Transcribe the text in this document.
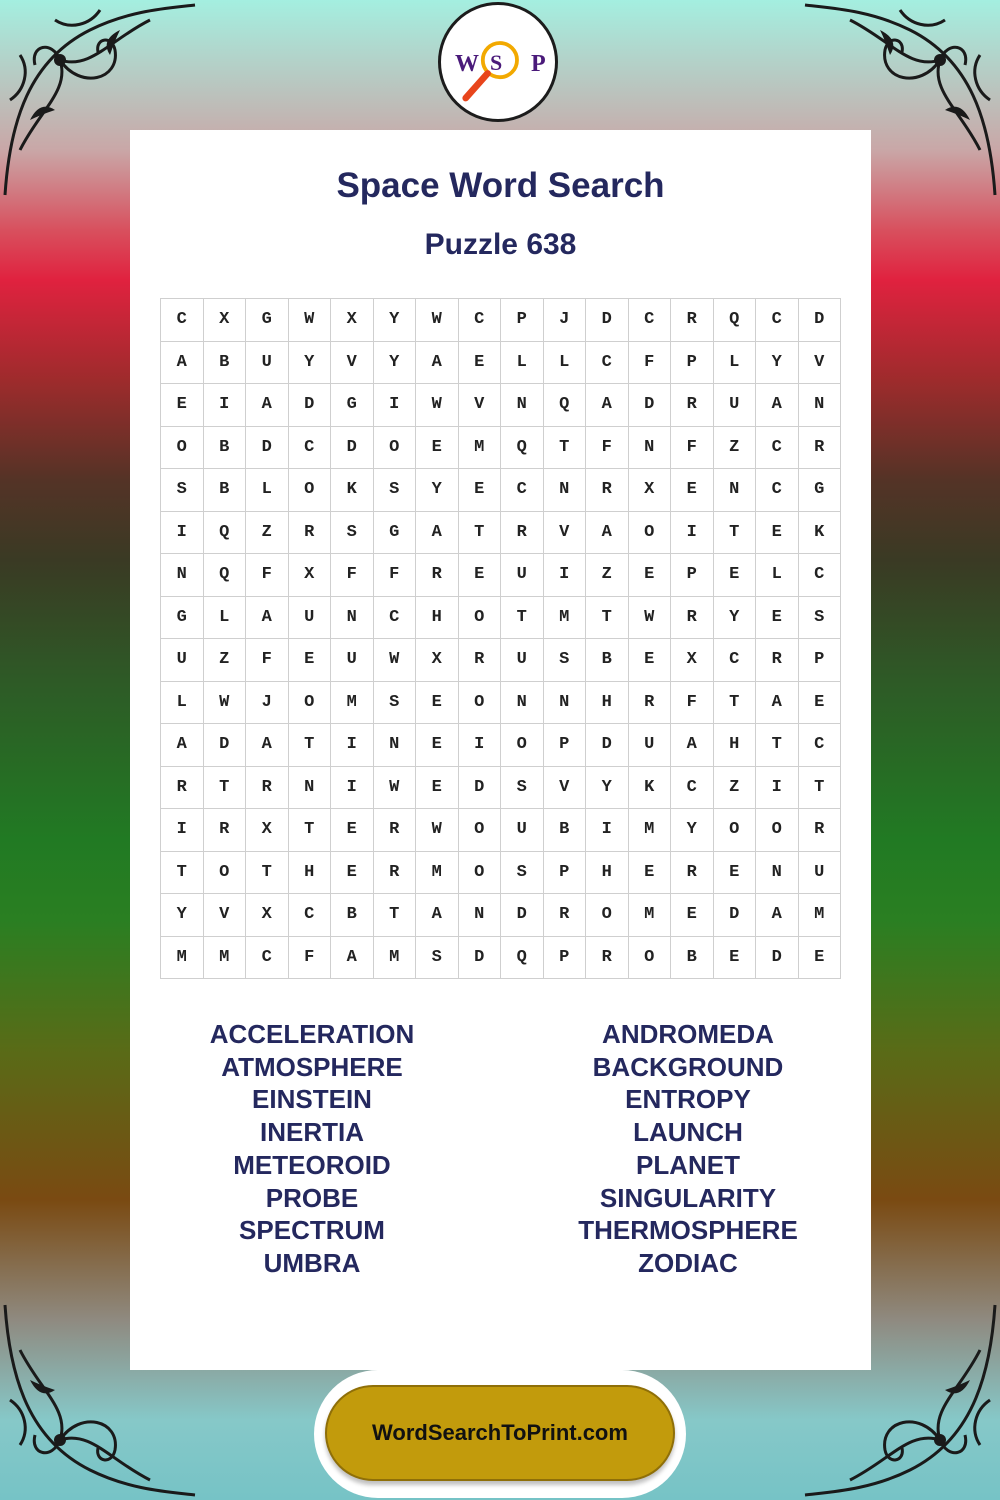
Space Word Search
Puzzle 638
C	X	G	W	X	Y	W	C	P	J	D	C	R	Q	C	D
A	B	U	Y	V	Y	A	E	L	L	C	F	P	L	Y	V
E	I	A	D	G	I	W	V	N	Q	A	D	R	U	A	N
O	B	D	C	D	O	E	M	Q	T	F	N	F	Z	C	R
S	B	L	O	K	S	Y	E	C	N	R	X	E	N	C	G
I	Q	Z	R	S	G	A	T	R	V	A	O	I	T	E	K
N	Q	F	X	F	F	R	E	U	I	Z	E	P	E	L	C
G	L	A	U	N	C	H	O	T	M	T	W	R	Y	E	S
U	Z	F	E	U	W	X	R	U	S	B	E	X	C	R	P
L	W	J	O	M	S	E	O	N	N	H	R	F	T	A	E
A	D	A	T	I	N	E	I	O	P	D	U	A	H	T	C
R	T	R	N	I	W	E	D	S	V	Y	K	C	Z	I	T
I	R	X	T	E	R	W	O	U	B	I	M	Y	O	O	R
T	O	T	H	E	R	M	O	S	P	H	E	R	E	N	U
Y	V	X	C	B	T	A	N	D	R	O	M	E	D	A	M
M	M	C	F	A	M	S	D	Q	P	R	O	B	E	D	E
ACCELERATION
ATMOSPHERE
EINSTEIN
INERTIA
METEOROID
PROBE
SPECTRUM
UMBRA
ANDROMEDA
BACKGROUND
ENTROPY
LAUNCH
PLANET
SINGULARITY
THERMOSPHERE
ZODIAC
W S P
WordSearchToPrint.com
